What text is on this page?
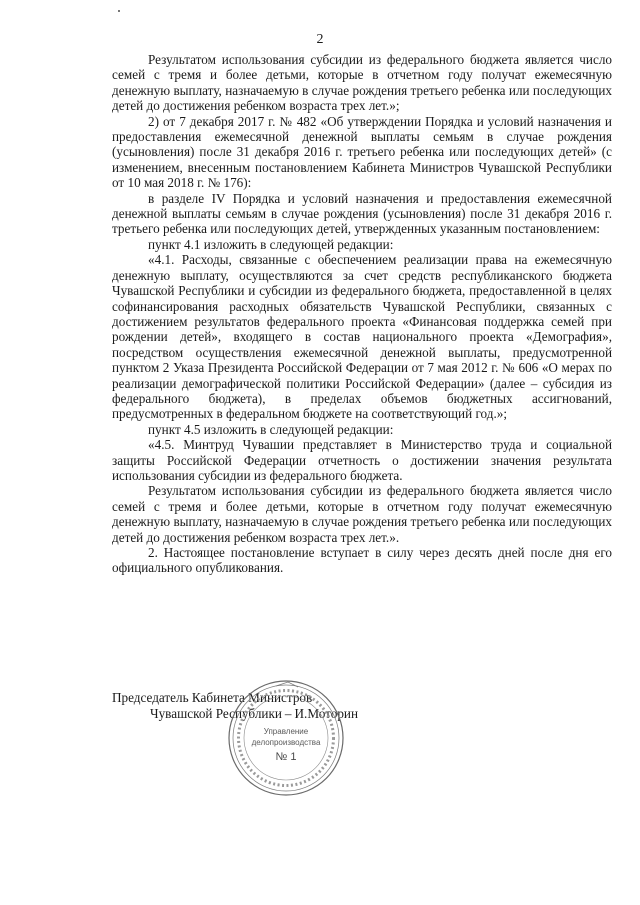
2

Результатом использования субсидии из федерального бюджета является число семей с тремя и более детьми, которые в отчетном году получат ежемесячную денежную выплату, назначаемую в случае рождения третьего ребенка или последующих детей до достижения ребенком возраста трех лет.»;

2) от 7 декабря 2017 г. № 482 «Об утверждении Порядка и условий назначения и предоставления ежемесячной денежной выплаты семьям в случае рождения (усыновления) после 31 декабря 2016 г. третьего ребенка или последующих детей» (с изменением, внесенным постановлением Кабинета Министров Чувашской Республики от 10 мая 2018 г. № 176):

в разделе IV Порядка и условий назначения и предоставления ежемесячной денежной выплаты семьям в случае рождения (усыновления) после 31 декабря 2016 г. третьего ребенка или последующих детей, утвержденных указанным постановлением:

пункт 4.1 изложить в следующей редакции:

«4.1. Расходы, связанные с обеспечением реализации права на ежемесячную денежную выплату, осуществляются за счет средств республиканского бюджета Чувашской Республики и субсидии из федерального бюджета, предоставленной в целях софинансирования расходных обязательств Чувашской Республики, связанных с достижением результатов федерального проекта «Финансовая поддержка семей при рождении детей», входящего в состав национального проекта «Демография», посредством осуществления ежемесячной денежной выплаты, предусмотренной пунктом 2 Указа Президента Российской Федерации от 7 мая 2012 г. № 606 «О мерах по реализации демографической политики Российской Федерации» (далее – субсидия из федерального бюджета), в пределах объемов бюджетных ассигнований, предусмотренных в федеральном бюджете на соответствующий год.»;

пункт 4.5 изложить в следующей редакции:

«4.5. Минтруд Чувашии представляет в Министерство труда и социальной защиты Российской Федерации отчетность о достижении значения результата использования субсидии из федерального бюджета.

Результатом использования субсидии из федерального бюджета является число семей с тремя и более детьми, которые в отчетном году получат ежемесячную денежную выплату, назначаемую в случае рождения третьего ребенка или последующих детей до достижения ребенком возраста трех лет.».

2. Настоящее постановление вступает в силу через десять дней после дня его официального опубликования.

Председатель Кабинета Министров
Чувашской Республики – И.Моторин
Управление
делопроизводства
№ 1
